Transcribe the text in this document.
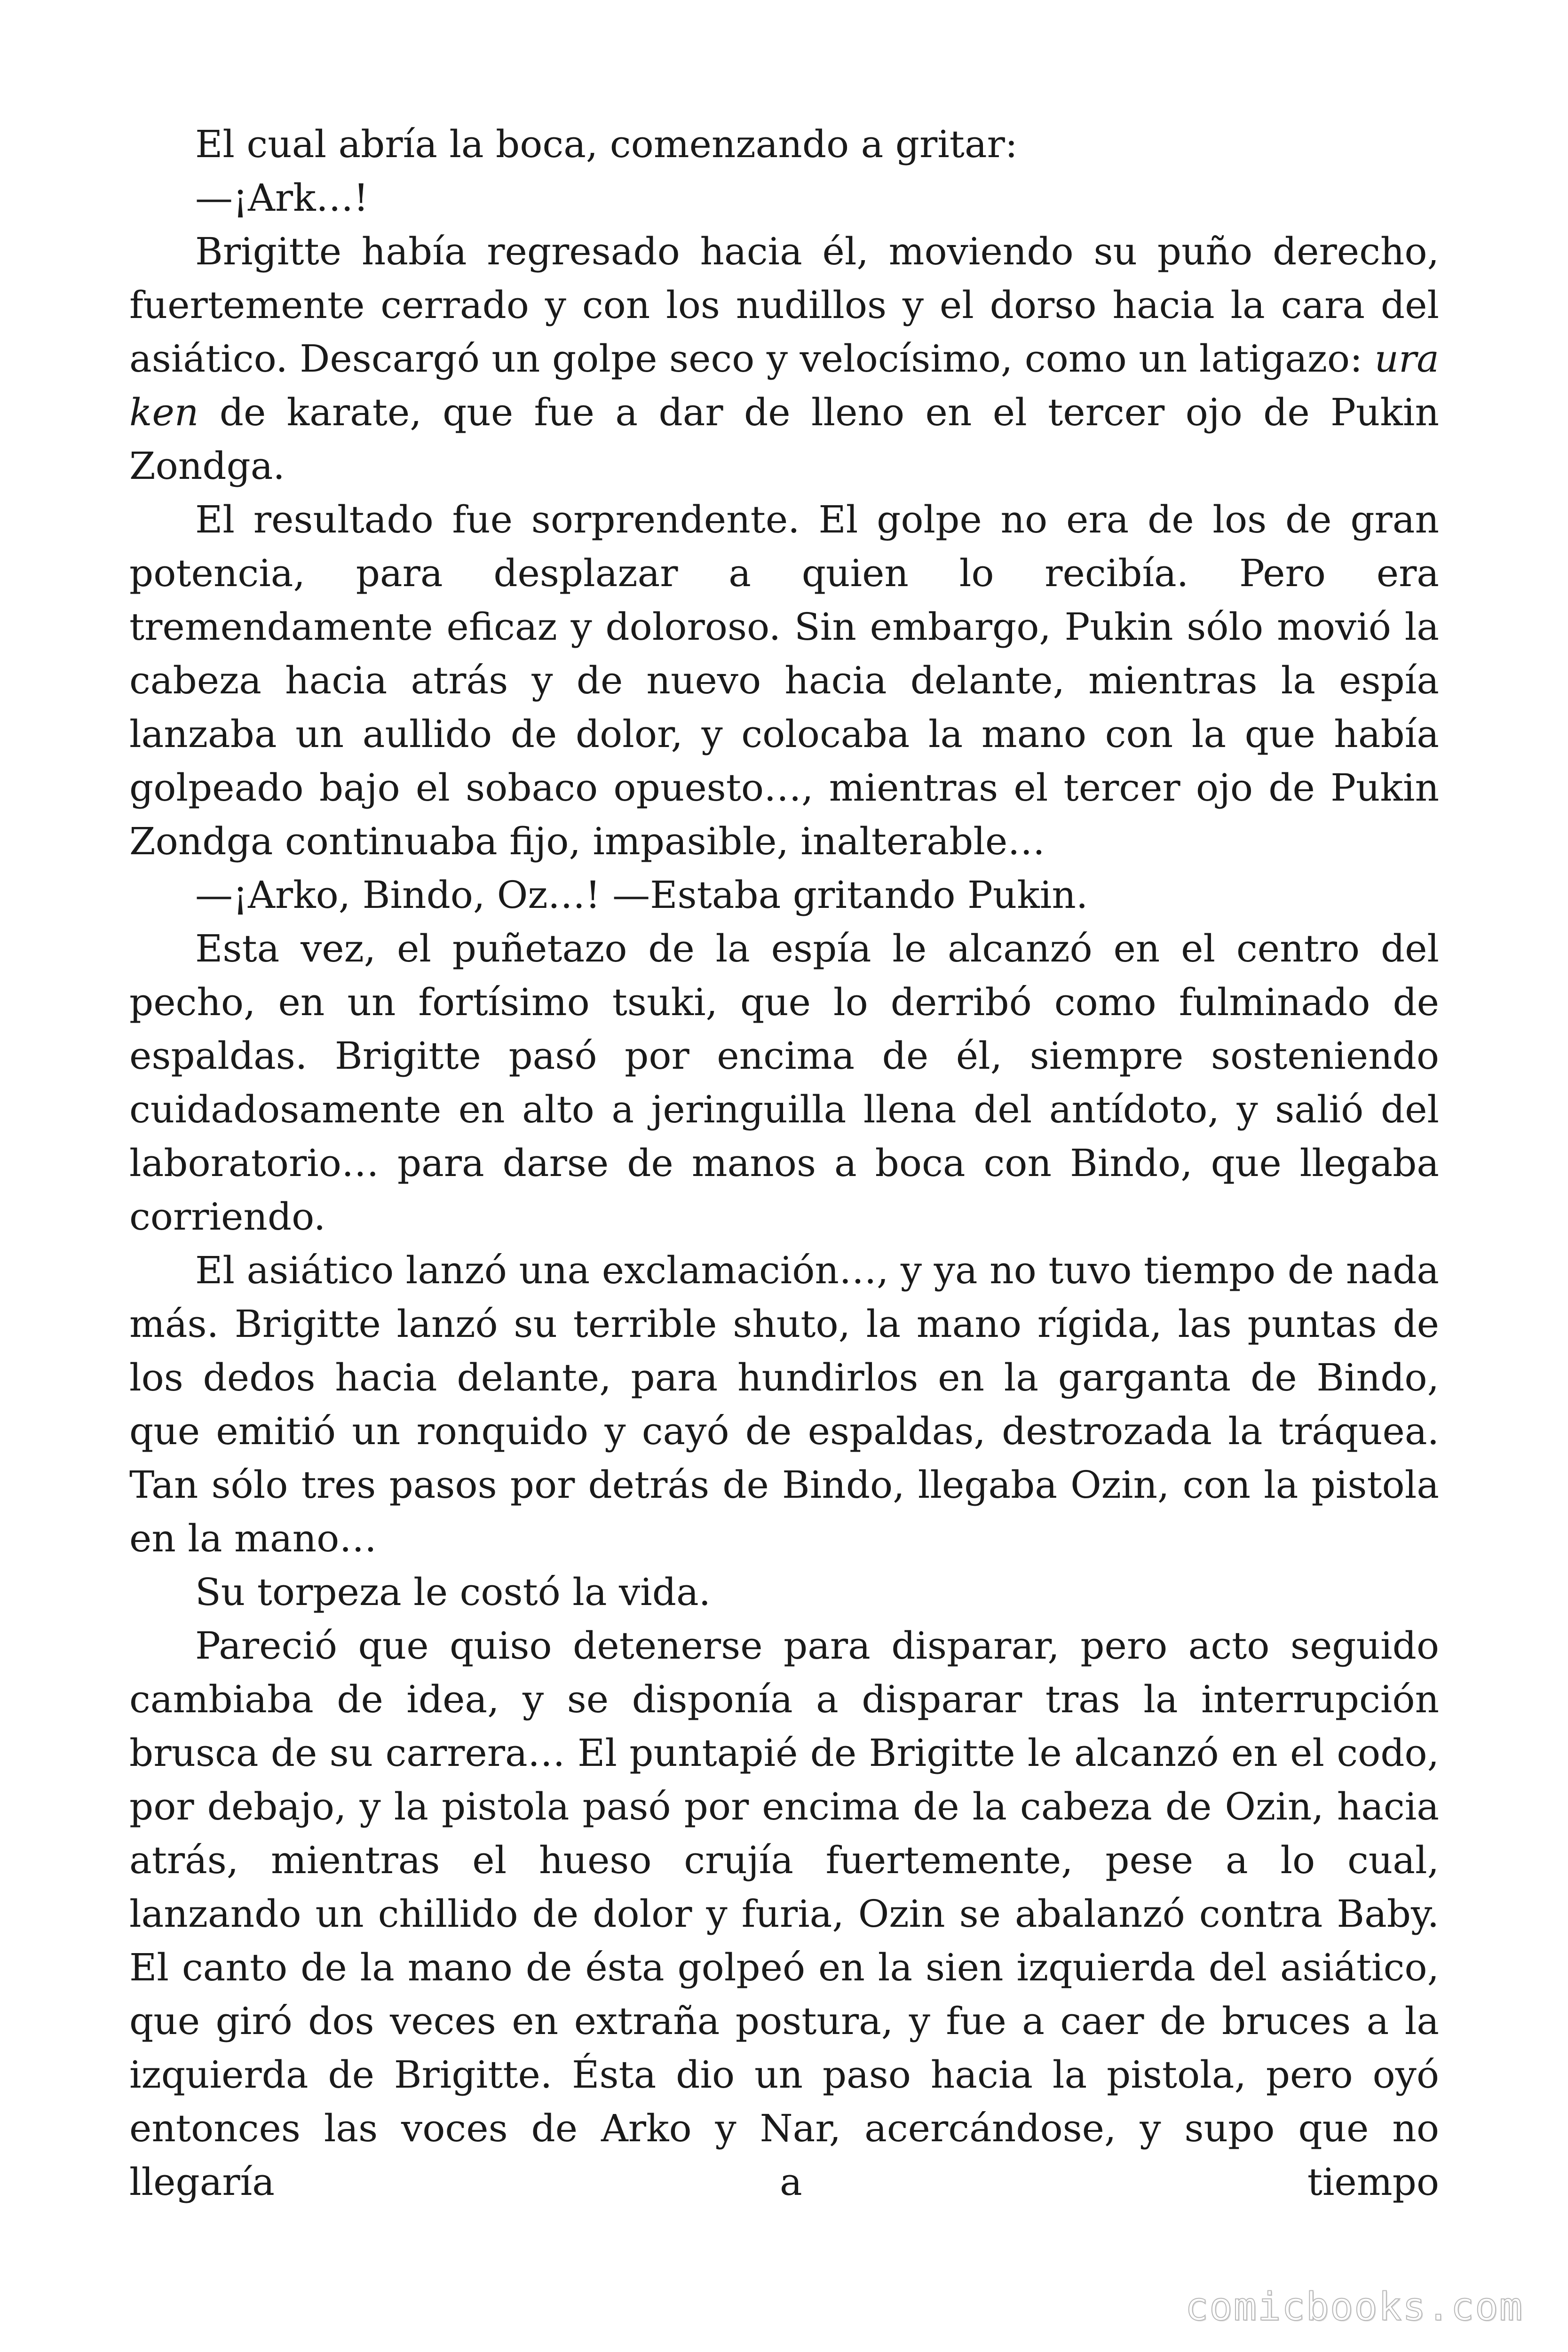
El cual abría la boca, comenzando a gritar:

—¡Ark…!

Brigitte había regresado hacia él, moviendo su puño derecho, fuertemente cerrado y con los nudillos y el dorso hacia la cara del asiático. Descargó un golpe seco y velocísimo, como un latigazo: ura ken de karate, que fue a dar de lleno en el tercer ojo de Pukin Zondga.

El resultado fue sorprendente. El golpe no era de los de gran potencia, para desplazar a quien lo recibía. Pero era tremendamente eficaz y doloroso. Sin embargo, Pukin sólo movió la cabeza hacia atrás y de nuevo hacia delante, mientras la espía lanzaba un aullido de dolor, y colocaba la mano con la que había golpeado bajo el sobaco opuesto…, mientras el tercer ojo de Pukin Zondga continuaba fijo, impasible, inalterable…

—¡Arko, Bindo, Oz…! —Estaba gritando Pukin.

Esta vez, el puñetazo de la espía le alcanzó en el centro del pecho, en un fortísimo tsuki, que lo derribó como fulminado de espaldas. Brigitte pasó por encima de él, siempre sosteniendo cuidadosamente en alto a jeringuilla llena del antídoto, y salió del laboratorio… para darse de manos a boca con Bindo, que llegaba corriendo.

El asiático lanzó una exclamación…, y ya no tuvo tiempo de nada más. Brigitte lanzó su terrible shuto, la mano rígida, las puntas de los dedos hacia delante, para hundirlos en la garganta de Bindo, que emitió un ronquido y cayó de espaldas, destrozada la tráquea. Tan sólo tres pasos por detrás de Bindo, llegaba Ozin, con la pistola en la mano…

Su torpeza le costó la vida.

Pareció que quiso detenerse para disparar, pero acto seguido cambiaba de idea, y se disponía a disparar tras la interrupción brusca de su carrera… El puntapié de Brigitte le alcanzó en el codo, por debajo, y la pistola pasó por encima de la cabeza de Ozin, hacia atrás, mientras el hueso crujía fuertemente, pese a lo cual, lanzando un chillido de dolor y furia, Ozin se abalanzó contra Baby. El canto de la mano de ésta golpeó en la sien izquierda del asiático, que giró dos veces en extraña postura, y fue a caer de bruces a la izquierda de Brigitte. Ésta dio un paso hacia la pistola, pero oyó entonces las voces de Arko y Nar, acercándose, y supo que no llegaría a tiempo

comicbooks.com
